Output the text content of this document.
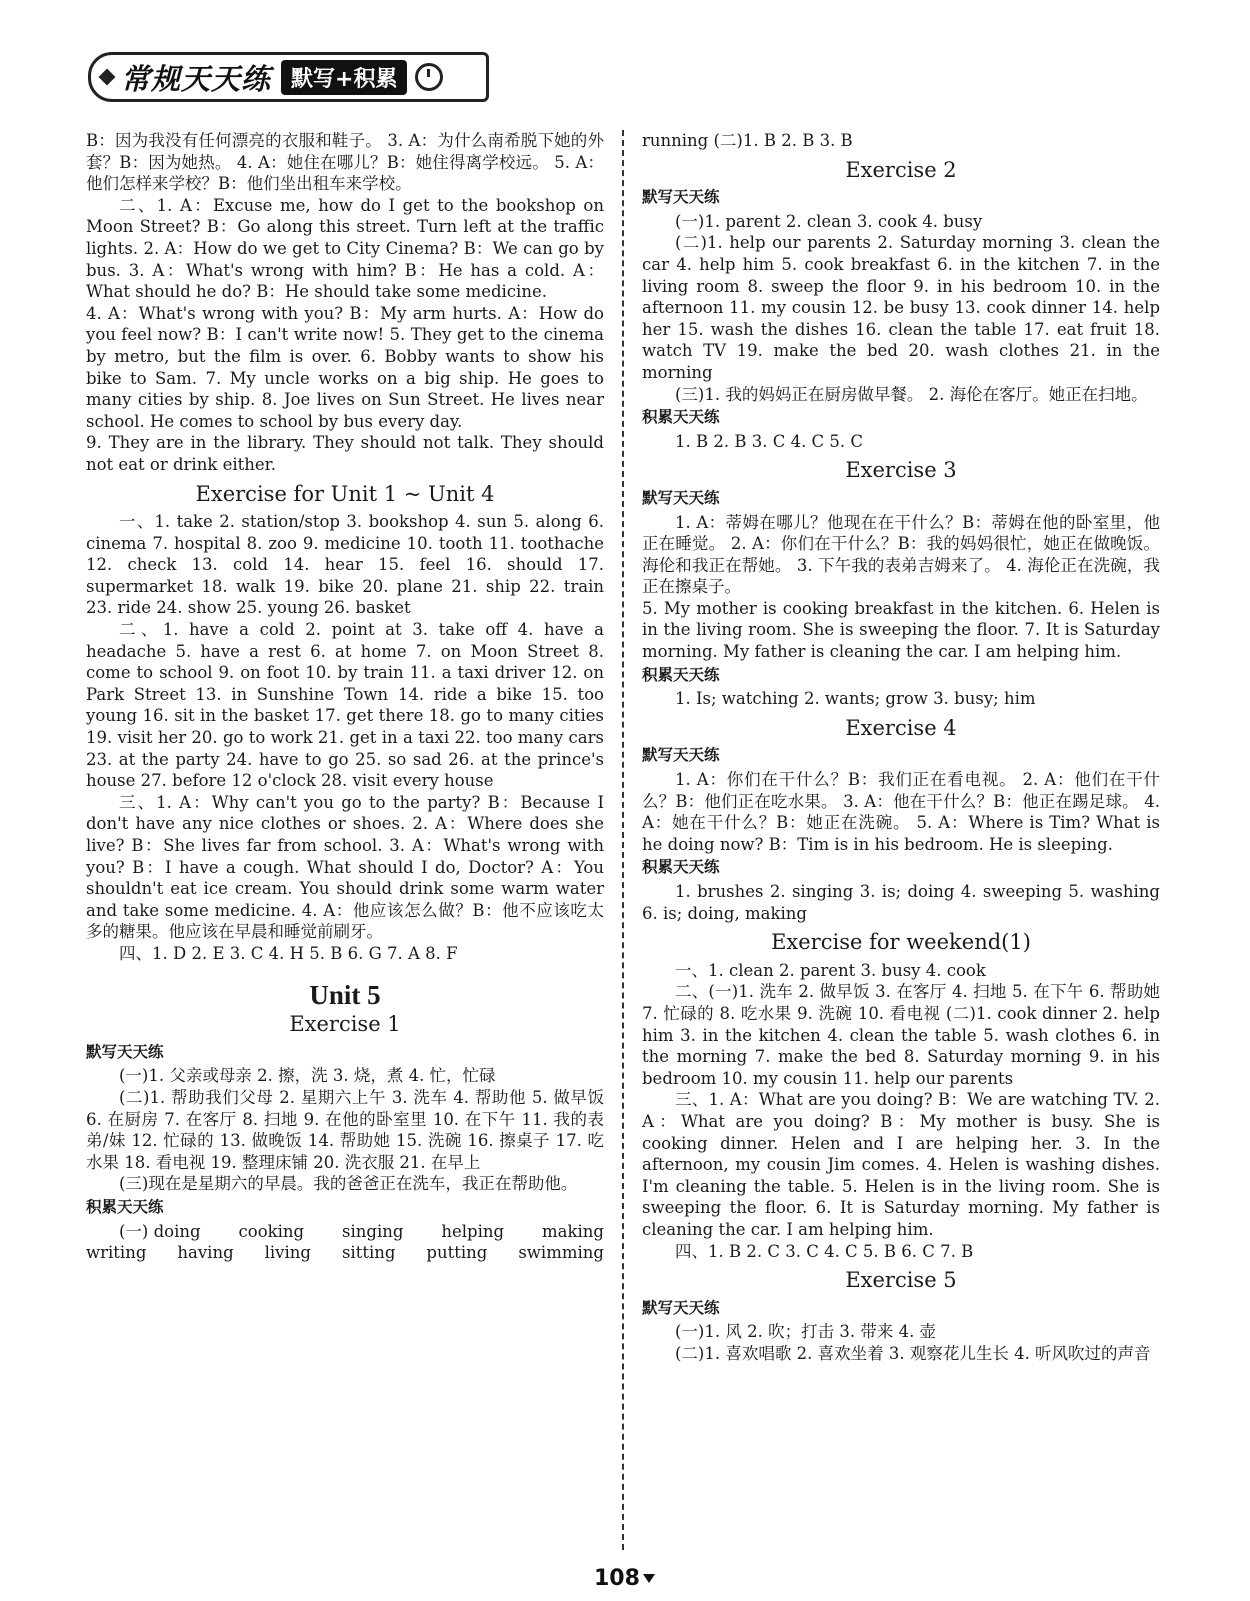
常规天天练 默写+积累

B：因为我没有任何漂亮的衣服和鞋子。 3. A：为什么南希脱下她的外套？B：因为她热。 4. A：她住在哪儿？B：她住得离学校远。 5. A：他们怎样来学校？B：他们坐出租车来学校。

二、1. A：Excuse me, how do I get to the bookshop on Moon Street? B：Go along this street. Turn left at the traffic lights. 2. A：How do we get to City Cinema? B：We can go by bus. 3. A：What's wrong with him? B：He has a cold. A：What should he do? B：He should take some medicine.

4. A：What's wrong with you? B：My arm hurts. A：How do you feel now? B：I can't write now! 5. They get to the cinema by metro, but the film is over. 6. Bobby wants to show his bike to Sam. 7. My uncle works on a big ship. He goes to many cities by ship. 8. Joe lives on Sun Street. He lives near school. He comes to school by bus every day.

9. They are in the library. They should not talk. They should not eat or drink either.

Exercise for Unit 1 ~ Unit 4

一、1. take 2. station/stop 3. bookshop 4. sun 5. along 6. cinema 7. hospital 8. zoo 9. medicine 10. tooth 11. toothache 12. check 13. cold 14. hear 15. feel 16. should 17. supermarket 18. walk 19. bike 20. plane 21. ship 22. train 23. ride 24. show 25. young 26. basket

二、1. have a cold 2. point at 3. take off 4. have a headache 5. have a rest 6. at home 7. on Moon Street 8. come to school 9. on foot 10. by train 11. a taxi driver 12. on Park Street 13. in Sunshine Town 14. ride a bike 15. too young 16. sit in the basket 17. get there 18. go to many cities 19. visit her 20. go to work 21. get in a taxi 22. too many cars 23. at the party 24. have to go 25. so sad 26. at the prince's house 27. before 12 o'clock 28. visit every house

三、1. A：Why can't you go to the party? B：Because I don't have any nice clothes or shoes. 2. A：Where does she live? B：She lives far from school. 3. A：What's wrong with you? B：I have a cough. What should I do, Doctor? A：You shouldn't eat ice cream. You should drink some warm water and take some medicine. 4. A：他应该怎么做？B：他不应该吃太多的糖果。他应该在早晨和睡觉前刷牙。

四、1. D 2. E 3. C 4. H 5. B 6. G 7. A 8. F

Unit 5
Exercise 1
默写天天练

(一)1. 父亲或母亲 2. 擦，洗 3. 烧，煮 4. 忙，忙碌

(二)1. 帮助我们父母 2. 星期六上午 3. 洗车 4. 帮助他 5. 做早饭 6. 在厨房 7. 在客厅 8. 扫地 9. 在他的卧室里 10. 在下午 11. 我的表弟/妹 12. 忙碌的 13. 做晚饭 14. 帮助她 15. 洗碗 16. 擦桌子 17. 吃水果 18. 看电视 19. 整理床铺 20. 洗衣服 21. 在早上

(三)现在是星期六的早晨。我的爸爸正在洗车，我正在帮助他。

积累天天练
(一) doing cooking singing helping making
writing having living sitting putting swimming

running (二)1. B 2. B 3. B

Exercise 2
默写天天练

(一)1. parent 2. clean 3. cook 4. busy

(二)1. help our parents 2. Saturday morning 3. clean the car 4. help him 5. cook breakfast 6. in the kitchen 7. in the living room 8. sweep the floor 9. in his bedroom 10. in the afternoon 11. my cousin 12. be busy 13. cook dinner 14. help her 15. wash the dishes 16. clean the table 17. eat fruit 18. watch TV 19. make the bed 20. wash clothes 21. in the morning

(三)1. 我的妈妈正在厨房做早餐。 2. 海伦在客厅。她正在扫地。

积累天天练

1. B 2. B 3. C 4. C 5. C

Exercise 3
默写天天练

1. A：蒂姆在哪儿？他现在在干什么？B：蒂姆在他的卧室里，他正在睡觉。 2. A：你们在干什么？B：我的妈妈很忙，她正在做晚饭。海伦和我正在帮她。 3. 下午我的表弟吉姆来了。 4. 海伦正在洗碗，我正在擦桌子。

5. My mother is cooking breakfast in the kitchen. 6. Helen is in the living room. She is sweeping the floor. 7. It is Saturday morning. My father is cleaning the car. I am helping him.

积累天天练

1. Is; watching 2. wants; grow 3. busy; him

Exercise 4
默写天天练

1. A：你们在干什么？B：我们正在看电视。 2. A：他们在干什么？B：他们正在吃水果。 3. A：他在干什么？B：他正在踢足球。 4. A：她在干什么？B：她正在洗碗。 5. A：Where is Tim? What is he doing now? B：Tim is in his bedroom. He is sleeping.

积累天天练

1. brushes 2. singing 3. is; doing 4. sweeping 5. washing 6. is; doing, making

Exercise for weekend(1)

一、1. clean 2. parent 3. busy 4. cook

二、(一)1. 洗车 2. 做早饭 3. 在客厅 4. 扫地 5. 在下午 6. 帮助她 7. 忙碌的 8. 吃水果 9. 洗碗 10. 看电视 (二)1. cook dinner 2. help him 3. in the kitchen 4. clean the table 5. wash clothes 6. in the morning 7. make the bed 8. Saturday morning 9. in his bedroom 10. my cousin 11. help our parents

三、1. A：What are you doing? B：We are watching TV. 2. A：What are you doing? B：My mother is busy. She is cooking dinner. Helen and I are helping her. 3. In the afternoon, my cousin Jim comes. 4. Helen is washing dishes. I'm cleaning the table. 5. Helen is in the living room. She is sweeping the floor. 6. It is Saturday morning. My father is cleaning the car. I am helping him.

四、1. B 2. C 3. C 4. C 5. B 6. C 7. B

Exercise 5
默写天天练

(一)1. 风 2. 吹；打击 3. 带来 4. 壶

(二)1. 喜欢唱歌 2. 喜欢坐着 3. 观察花儿生长 4. 听风吹过的声音

108
